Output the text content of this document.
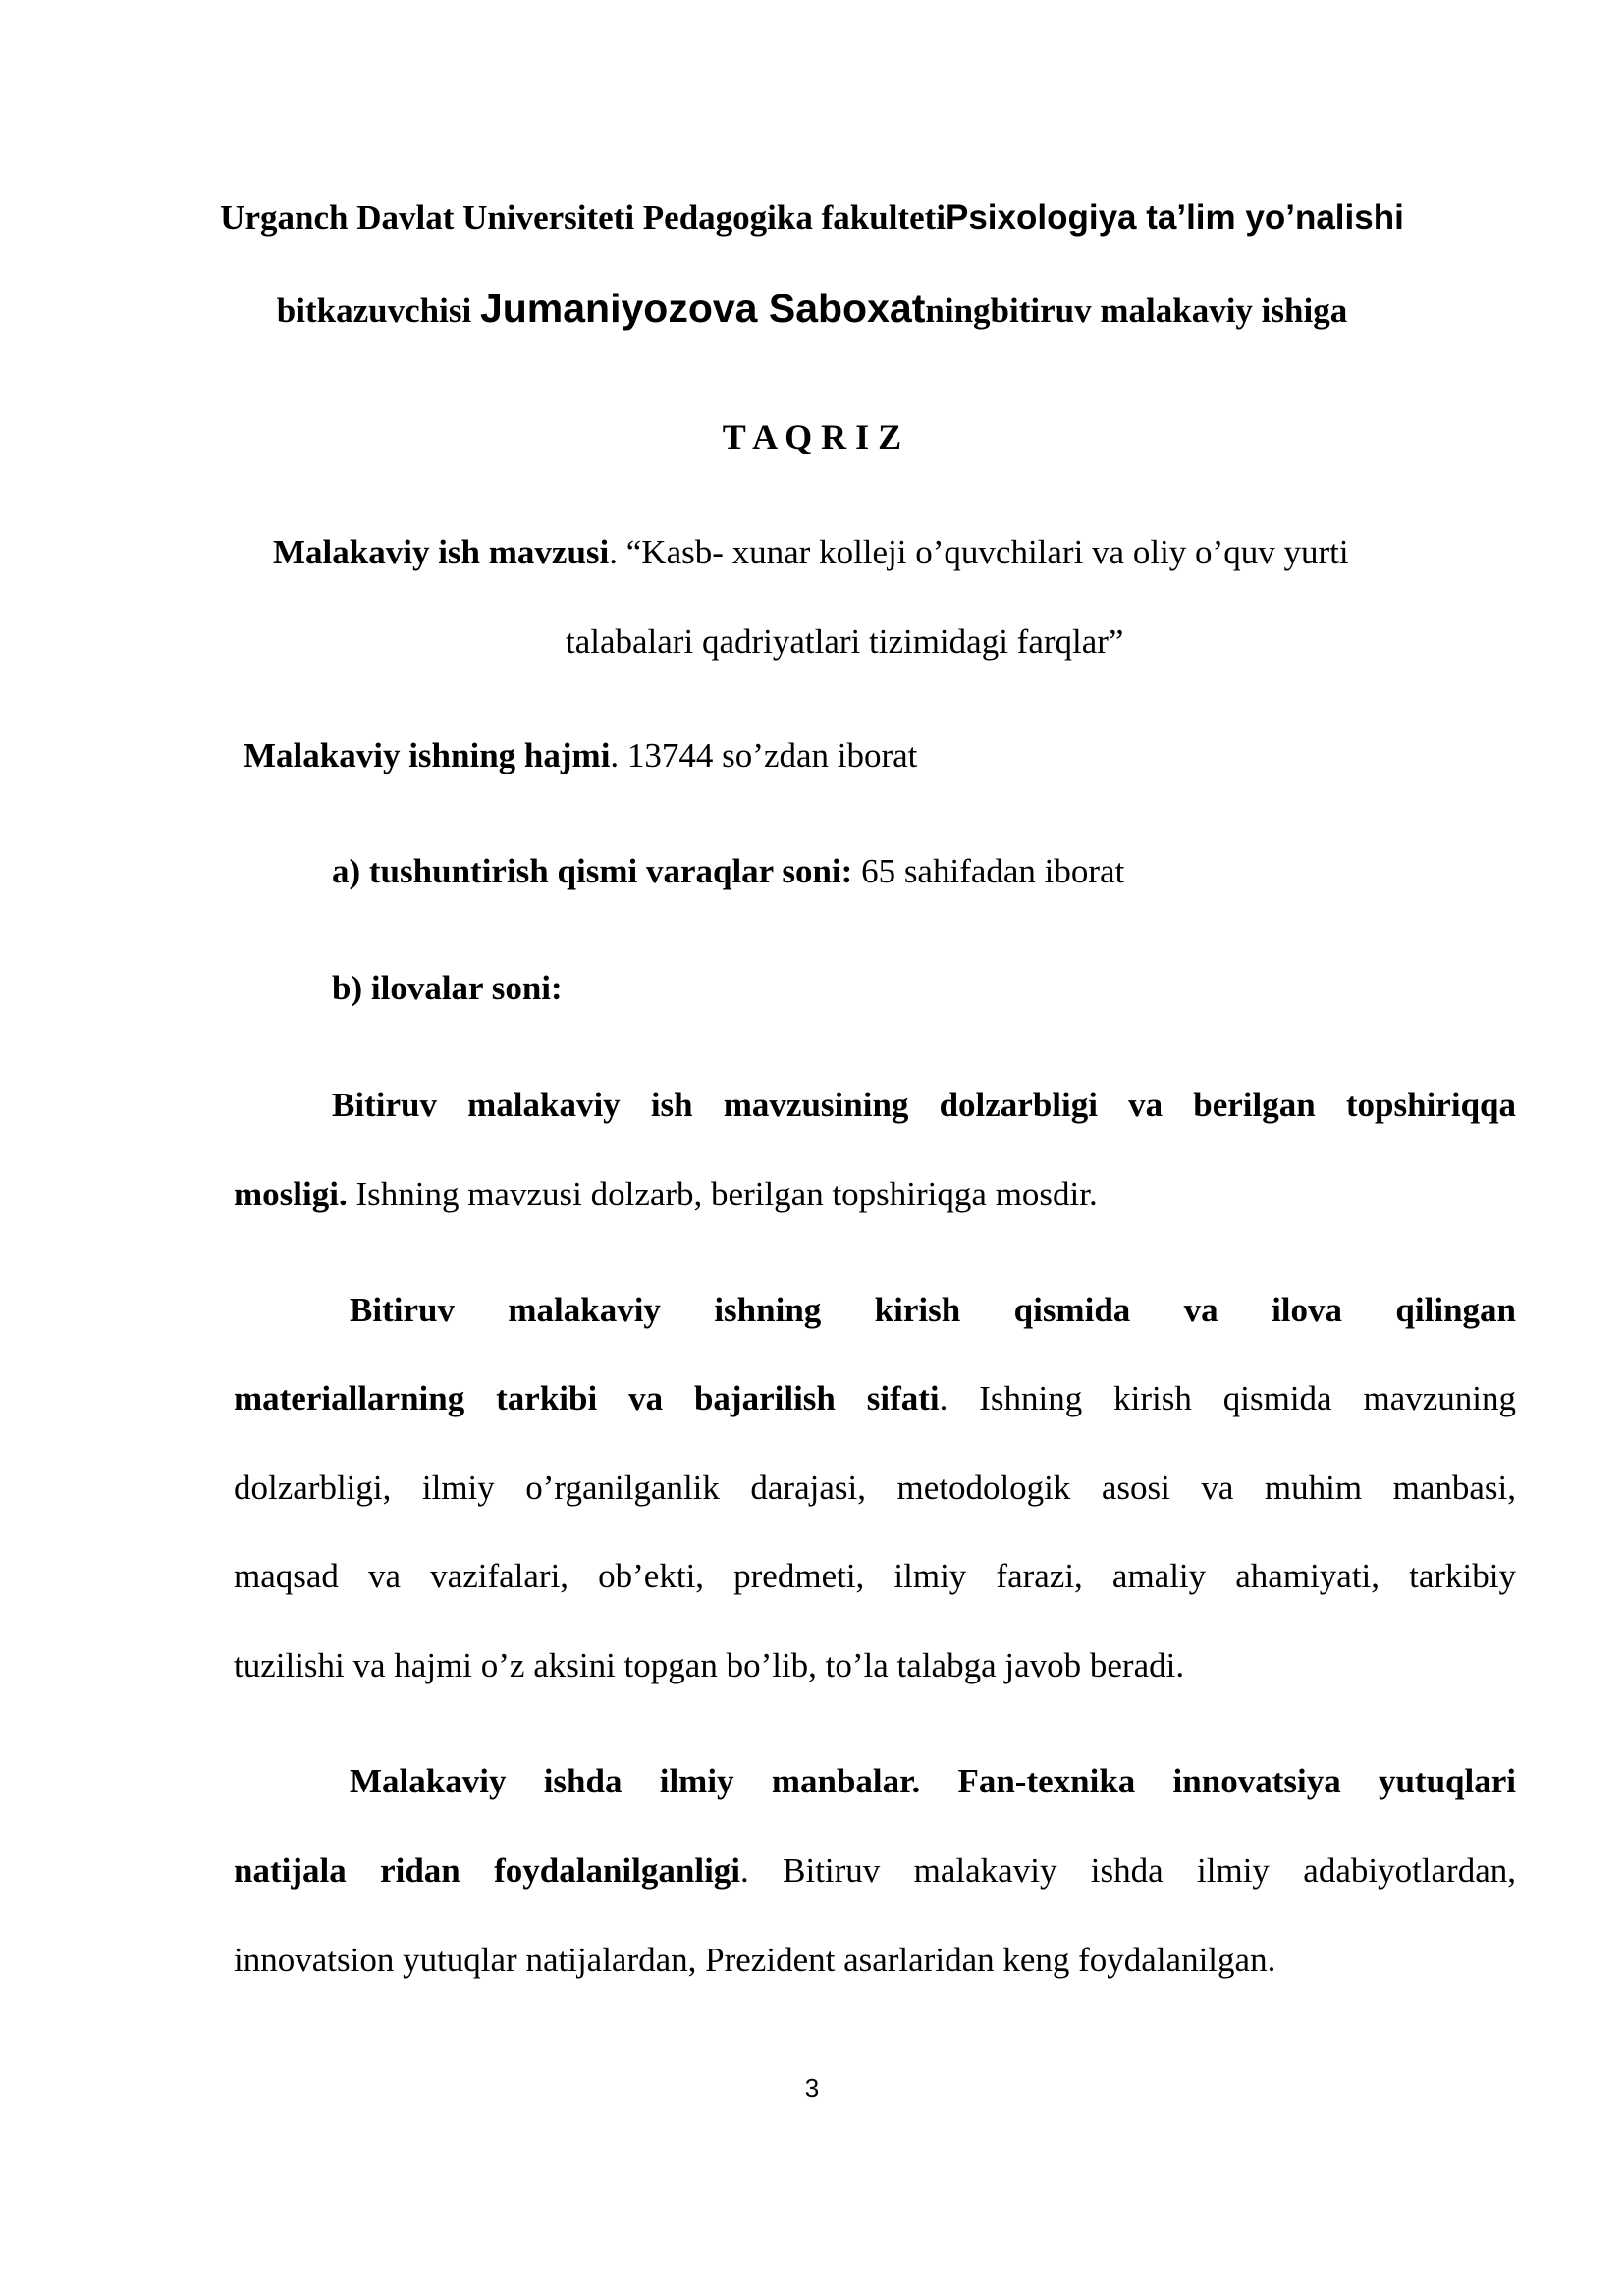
Urganch Davlat Universiteti Pedagogika fakultetiPsixologiya ta’lim yo’nalishi
bitkazuvchisi Jumaniyozova Saboxatningbitiruv malakaviy ishiga
T A Q R I Z
Malakaviy ish mavzusi. “Kasb- xunar kolleji o’quvchilari va oliy o’quv yurti
talabalari qadriyatlari tizimidagi farqlar”
Malakaviy ishning hajmi. 13744 so’zdan iborat
a) tushuntirish qismi varaqlar soni: 65 sahifadan iborat
b) ilovalar soni:
Bitiruv malakaviy ish mavzusining dolzarbligi va berilgan topshiriqqa
mosligi. Ishning mavzusi dolzarb, berilgan topshiriqga mosdir.
Bitiruv malakaviy ishning kirish qismida va ilova qilingan
materiallarning tarkibi va bajarilish sifati. Ishning kirish qismida mavzuning
dolzarbligi, ilmiy o’rganilganlik darajasi, metodologik asosi va muhim manbasi,
maqsad va vazifalari, ob’ekti, predmeti, ilmiy farazi, amaliy ahamiyati, tarkibiy
tuzilishi va hajmi o’z aksini topgan bo’lib, to’la talabga javob beradi.
Malakaviy ishda ilmiy manbalar. Fan-texnika innovatsiya yutuqlari
natijala ridan foydalanilganligi. Bitiruv malakaviy ishda ilmiy adabiyotlardan,
innovatsion yutuqlar natijalardan, Prezident asarlaridan keng foydalanilgan.
3
